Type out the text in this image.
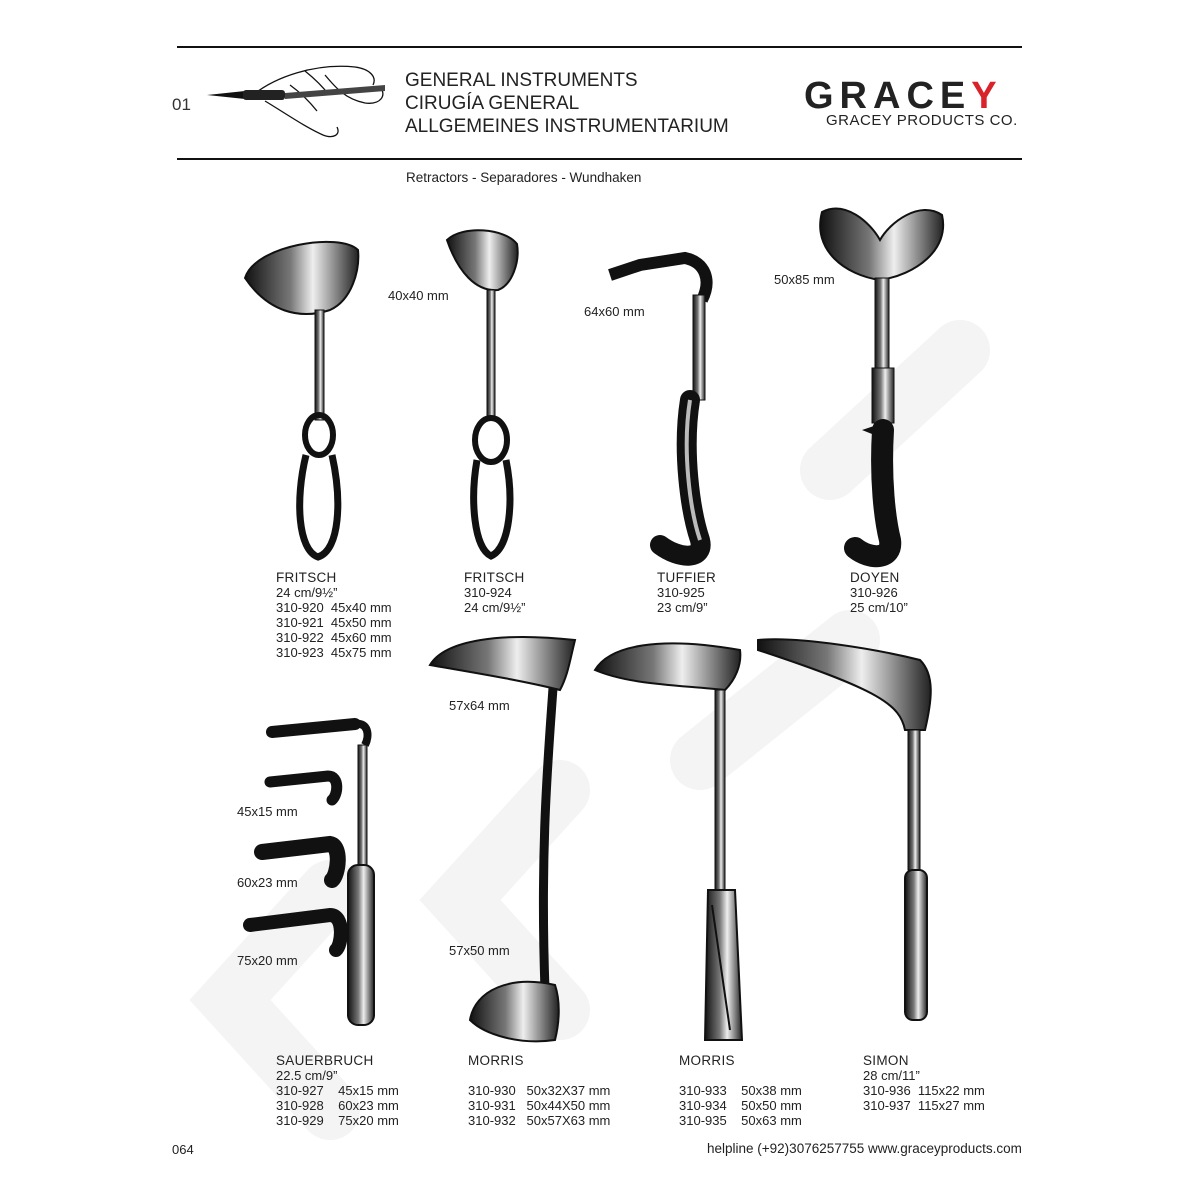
01
GENERAL INSTRUMENTS
CIRUGÍA GENERAL
ALLGEMEINES INSTRUMENTARIUM
GRACEY
GRACEY PRODUCTS CO.
Retractors - Separadores - Wundhaken
40x40 mm
64x60 mm
50x85 mm
57x64 mm
57x50 mm
45x15 mm
60x23 mm
75x20 mm
FRITSCH
24 cm/9½”
310-920  45x40 mm
310-921  45x50 mm
310-922  45x60 mm
310-923  45x75 mm
FRITSCH
310-924
24 cm/9½”
TUFFIER
310-925
23 cm/9”
DOYEN
310-926
25 cm/10”
SAUERBRUCH
22.5 cm/9”
310-927    45x15 mm
310-928    60x23 mm
310-929    75x20 mm
MORRIS

310-930   50x32X37 mm
310-931   50x44X50 mm
310-932   50x57X63 mm
MORRIS

310-933    50x38 mm
310-934    50x50 mm
310-935    50x63 mm
SIMON
28 cm/11”
310-936  115x22 mm
310-937  115x27 mm
064	helpline (+92)3076257755 www.graceyproducts.com
